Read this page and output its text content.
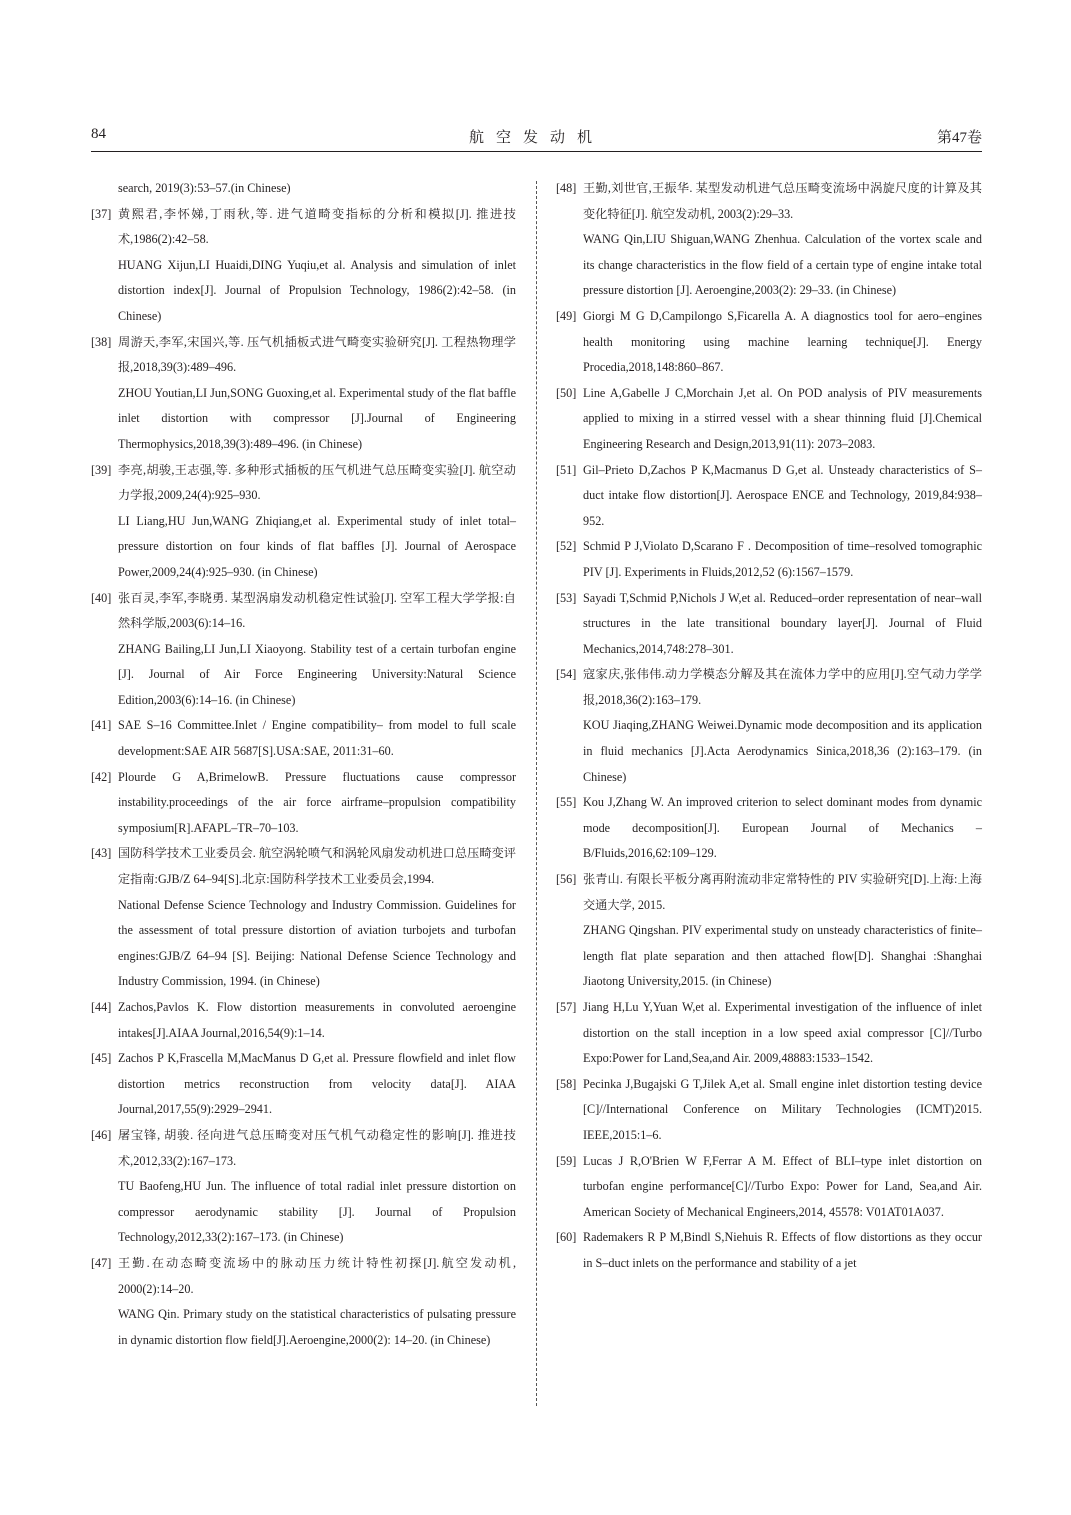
84	航空发动机	第47卷

search, 2019(3):53–57.(in Chinese)

[37] 黄熙君,李怀娣,丁雨秋,等. 进气道畸变指标的分析和模拟[J]. 推进技术,1986(2):42–58.

HUANG Xijun,LI Huaidi,DING Yuqiu,et al. Analysis and simulation of inlet distortion index[J]. Journal of Propulsion Technology, 1986(2):42–58. (in Chinese)

[38] 周游天,李军,宋国兴,等. 压气机插板式进气畸变实验研究[J]. 工程热物理学报,2018,39(3):489–496.

ZHOU Youtian,LI Jun,SONG Guoxing,et al. Experimental study of the flat baffle inlet distortion with compressor [J].Journal of Engineering Thermophysics,2018,39(3):489–496. (in Chinese)

[39] 李亮,胡骏,王志强,等. 多种形式插板的压气机进气总压畸变实验[J]. 航空动力学报,2009,24(4):925–930.

LI Liang,HU Jun,WANG Zhiqiang,et al. Experimental study of inlet total–pressure distortion on four kinds of flat baffles [J]. Journal of Aerospace Power,2009,24(4):925–930. (in Chinese)

[40] 张百灵,李军,李晓勇. 某型涡扇发动机稳定性试验[J]. 空军工程大学学报:自然科学版,2003(6):14–16.

ZHANG Bailing,LI Jun,LI Xiaoyong. Stability test of a certain turbofan engine [J]. Journal of Air Force Engineering University:Natural Science Edition,2003(6):14–16. (in Chinese)

[41] SAE S–16 Committee.Inlet / Engine compatibility– from model to full scale development:SAE AIR 5687[S].USA:SAE, 2011:31–60.

[42] Plourde G A,BrimelowB. Pressure fluctuations cause compressor instability.proceedings of the air force airframe–propulsion compatibility symposium[R].AFAPL–TR–70–103.

[43] 国防科学技术工业委员会. 航空涡轮喷气和涡轮风扇发动机进口总压畸变评定指南:GJB/Z 64–94[S].北京:国防科学技术工业委员会,1994.

National Defense Science Technology and Industry Commission. Guidelines for the assessment of total pressure distortion of aviation turbojets and turbofan engines:GJB/Z 64–94 [S]. Beijing: National Defense Science Technology and Industry Commission, 1994. (in Chinese)

[44] Zachos,Pavlos K. Flow distortion measurements in convoluted aeroengine intakes[J].AIAA Journal,2016,54(9):1–14.

[45] Zachos P K,Frascella M,MacManus D G,et al. Pressure flowfield and inlet flow distortion metrics reconstruction from velocity data[J]. AIAA Journal,2017,55(9):2929–2941.

[46] 屠宝锋, 胡骏. 径向进气总压畸变对压气机气动稳定性的影响[J]. 推进技术,2012,33(2):167–173.

TU Baofeng,HU Jun. The influence of total radial inlet pressure distortion on compressor aerodynamic stability [J]. Journal of Propulsion Technology,2012,33(2):167–173. (in Chinese)

[47] 王勤.在动态畸变流场中的脉动压力统计特性初探[J].航空发动机, 2000(2):14–20.

WANG Qin. Primary study on the statistical characteristics of pulsating pressure in dynamic distortion flow field[J].Aeroengine,2000(2): 14–20. (in Chinese)

[48] 王勤,刘世官,王振华. 某型发动机进气总压畸变流场中涡旋尺度的计算及其变化特征[J]. 航空发动机, 2003(2):29–33.

WANG Qin,LIU Shiguan,WANG Zhenhua. Calculation of the vortex scale and its change characteristics in the flow field of a certain type of engine intake total pressure distortion [J]. Aeroengine,2003(2): 29–33. (in Chinese)

[49] Giorgi M G D,Campilongo S,Ficarella A. A diagnostics tool for aero–engines health monitoring using machine learning technique[J]. Energy Procedia,2018,148:860–867.

[50] Line A,Gabelle J C,Morchain J,et al. On POD analysis of PIV measurements applied to mixing in a stirred vessel with a shear thinning fluid [J].Chemical Engineering Research and Design,2013,91(11): 2073–2083.

[51] Gil–Prieto D,Zachos P K,Macmanus D G,et al. Unsteady characteristics of S–duct intake flow distortion[J]. Aerospace ENCE and Technology, 2019,84:938–952.

[52] Schmid P J,Violato D,Scarano F . Decomposition of time–resolved tomographic PIV [J]. Experiments in Fluids,2012,52 (6):1567–1579.

[53] Sayadi T,Schmid P,Nichols J W,et al. Reduced–order representation of near–wall structures in the late transitional boundary layer[J]. Journal of Fluid Mechanics,2014,748:278–301.

[54] 寇家庆,张伟伟.动力学模态分解及其在流体力学中的应用[J].空气动力学学报,2018,36(2):163–179.

KOU Jiaqing,ZHANG Weiwei.Dynamic mode decomposition and its application in fluid mechanics [J].Acta Aerodynamics Sinica,2018,36 (2):163–179. (in Chinese)

[55] Kou J,Zhang W. An improved criterion to select dominant modes from dynamic mode decomposition[J]. European Journal of Mechanics – B/Fluids,2016,62:109–129.

[56] 张青山. 有限长平板分离再附流动非定常特性的 PIV 实验研究[D].上海:上海交通大学, 2015.

ZHANG Qingshan. PIV experimental study on unsteady characteristics of finite–length flat plate separation and then attached flow[D]. Shanghai :Shanghai Jiaotong University,2015. (in Chinese)

[57] Jiang H,Lu Y,Yuan W,et al. Experimental investigation of the influence of inlet distortion on the stall inception in a low speed axial compressor [C]//Turbo Expo:Power for Land,Sea,and Air. 2009,48883:1533–1542.

[58] Pecinka J,Bugajski G T,Jilek A,et al. Small engine inlet distortion testing device [C]//International Conference on Military Technologies (ICMT)2015. IEEE,2015:1–6.

[59] Lucas J R,O'Brien W F,Ferrar A M. Effect of BLI–type inlet distortion on turbofan engine performance[C]//Turbo Expo: Power for Land, Sea,and Air. American Society of Mechanical Engineers,2014, 45578: V01AT01A037.

[60] Rademakers R P M,Bindl S,Niehuis R. Effects of flow distortions as they occur in S–duct inlets on the performance and stability of a jet
